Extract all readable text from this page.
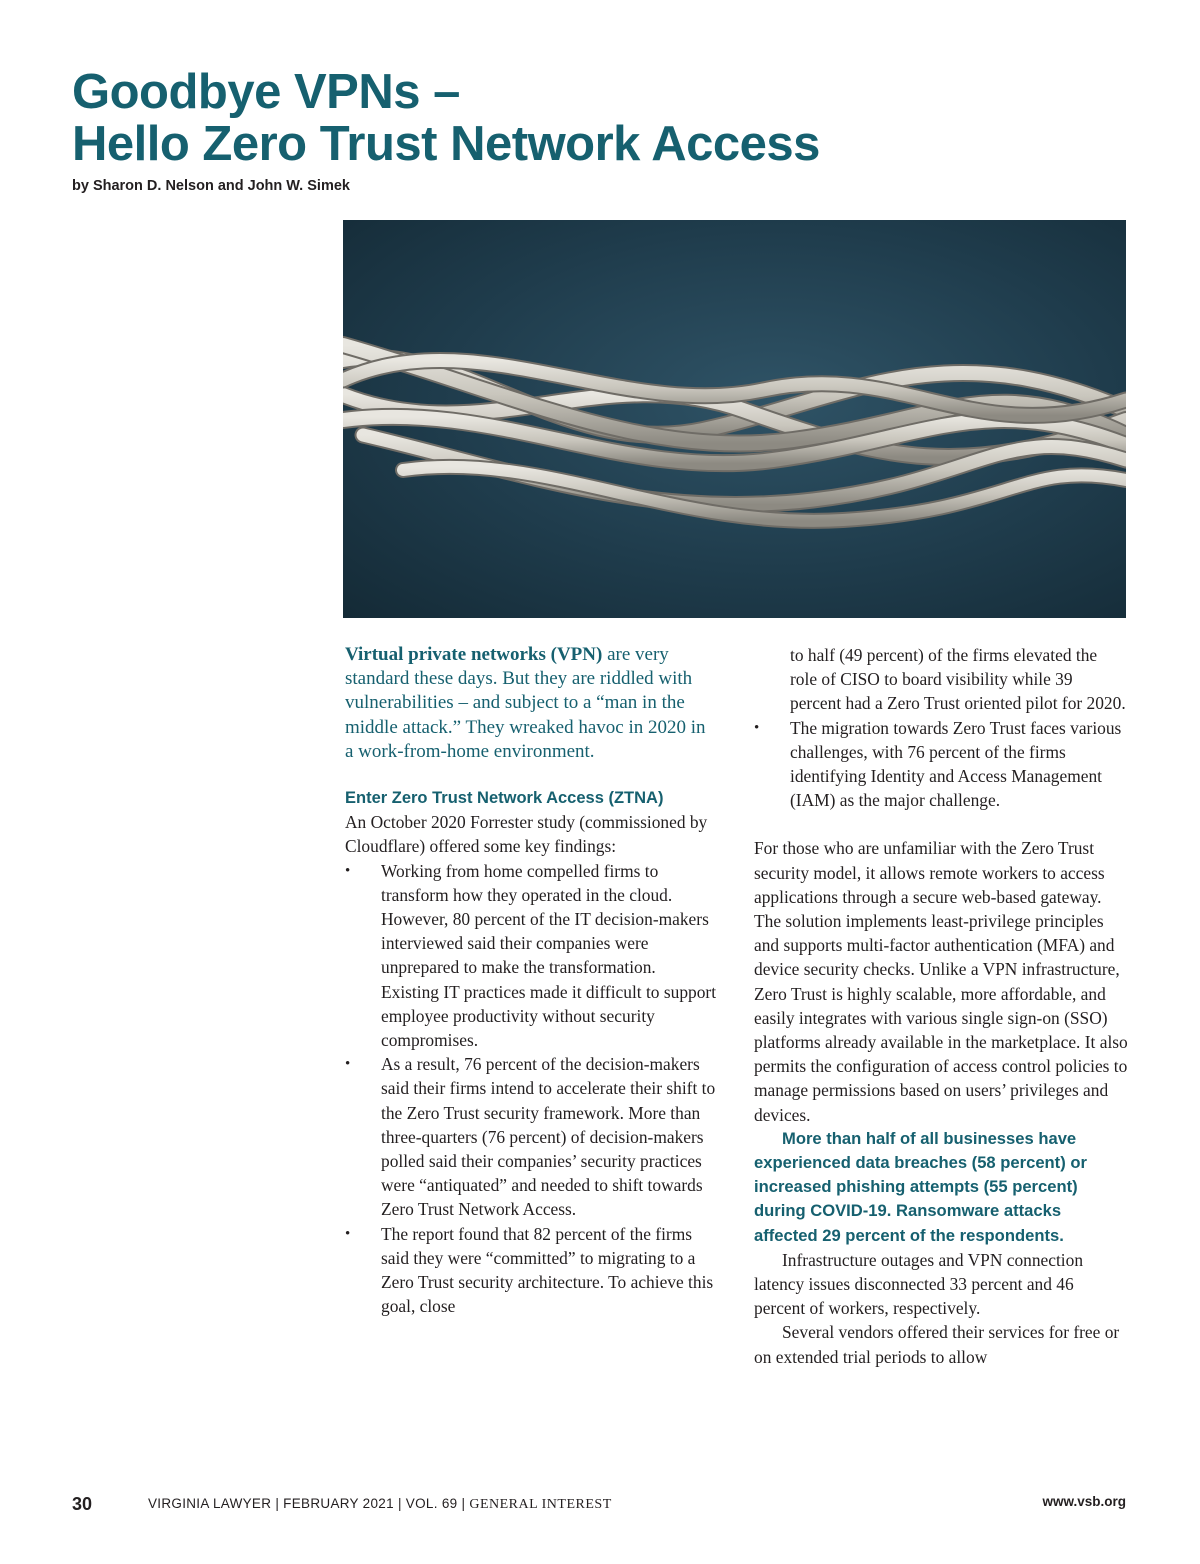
Goodbye VPNs –
Hello Zero Trust Network Access
by Sharon D. Nelson and John W. Simek

Virtual private networks (VPN) are very standard these days. But they are riddled with vulnerabilities – and subject to a “man in the middle attack.” They wreaked havoc in 2020 in a work-from-home environment.

Enter Zero Trust Network Access (ZTNA)

An October 2020 Forrester study (commissioned by Cloudflare) offered some key findings:

• Working from home compelled firms to transform how they operated in the cloud. However, 80 percent of the IT decision-makers interviewed said their companies were unprepared to make the transformation. Existing IT practices made it difficult to support employee productivity without security compromises.
• As a result, 76 percent of the decision-makers said their firms intend to accelerate their shift to the Zero Trust security framework. More than three-quarters (76 percent) of decision-makers polled said their companies’ security practices were “antiquated” and needed to shift towards Zero Trust Network Access.
• The report found that 82 percent of the firms said they were “committed” to migrating to a Zero Trust security architecture. To achieve this goal, close

to half (49 percent) of the firms elevated the role of CISO to board visibility while 39 percent had a Zero Trust oriented pilot for 2020.

• The migration towards Zero Trust faces various challenges, with 76 percent of the firms identifying Identity and Access Management (IAM) as the major challenge.

For those who are unfamiliar with the Zero Trust security model, it allows remote workers to access applications through a secure web-based gateway. The solution implements least-privilege principles and supports multi-factor authentication (MFA) and device security checks. Unlike a VPN infrastructure, Zero Trust is highly scalable, more affordable, and easily integrates with various single sign-on (SSO) platforms already available in the marketplace. It also permits the configuration of access control policies to manage permissions based on users’ privileges and devices.

More than half of all businesses have experienced data breaches (58 percent) or increased phishing attempts (55 percent) during COVID-19. Ransomware attacks affected 29 percent of the respondents.

Infrastructure outages and VPN connection latency issues disconnected 33 percent and 46 percent of workers, respectively.

Several vendors offered their services for free or on extended trial periods to allow

30	VIRGINIA LAWYER | FEBRUARY 2021 | VOL. 69 | GENERAL INTEREST	www.vsb.org
